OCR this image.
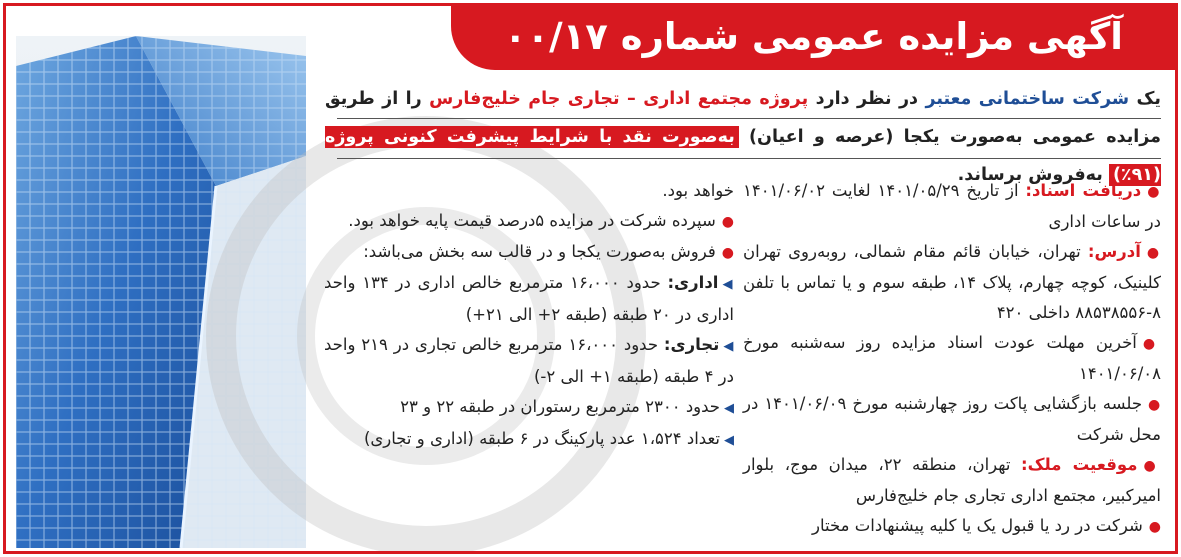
آگهی مزایده عمومی شماره ۰۰/۱۷
یک شرکت ساختمانی معتبر در نظر دارد پروژه مجتمع اداری – تجاری جام خلیج‌فارس را از طریق مزایده عمومی به‌صورت یکجا (عرصه و اعیان) به‌صورت نقد با شرایط پیشرفت کنونی پروژه (۹۱٪) به‌فروش برساند.

●دریافت اسناد: از تاریخ ۱۴۰۱/۰۵/۲۹ لغایت ۱۴۰۱/۰۶/۰۲ در ساعات اداری

●آدرس: تهران، خیابان قائم مقام شمالی، روبه‌روی تهران کلینیک، کوچه چهارم، پلاک ۱۴، طبقه سوم و یا تماس با تلفن ۸-۸۸۵۳۸۵۵۶ داخلی ۴۲۰

●آخرین مهلت عودت اسناد مزایده روز سه‌شنبه مورخ ۱۴۰۱/۰۶/۰۸

●جلسه بازگشایی پاکت روز چهارشنبه مورخ ۱۴۰۱/۰۶/۰۹ در محل شرکت

●موقعیت ملک: تهران، منطقه ۲۲، میدان موج، بلوار امیرکبیر، مجتمع اداری تجاری جام خلیج‌فارس

●شرکت در رد یا قبول یک یا کلیه پیشنهادات مختار

خواهد بود.

●سپرده شرکت در مزایده ۵درصد قیمت پایه خواهد بود.

●فروش به‌صورت یکجا و در قالب سه بخش می‌باشد:

◀اداری: حدود ۱۶،۰۰۰ مترمربع خالص اداری در ۱۳۴ واحد اداری در ۲۰ طبقه (طبقه ۲+ الی ۲۱+)

◀تجاری: حدود ۱۶،۰۰۰ مترمربع خالص تجاری در ۲۱۹ واحد در ۴ طبقه (طبقه ۱+ الی ۲-)

◀حدود ۲۳۰۰ مترمربع رستوران در طبقه ۲۲ و ۲۳

◀تعداد ۱،۵۲۴ عدد پارکینگ در ۶ طبقه (اداری و تجاری)
